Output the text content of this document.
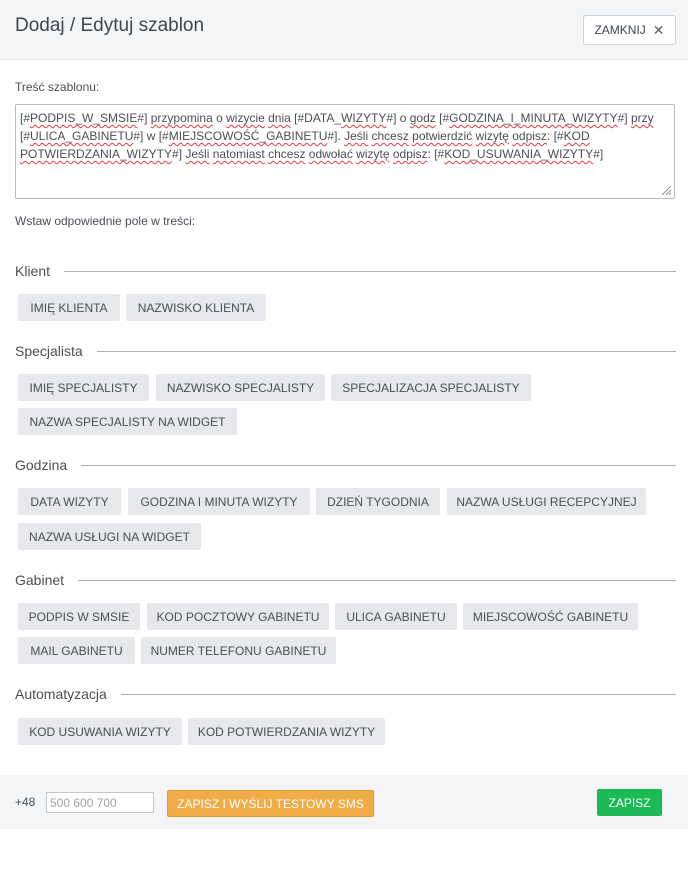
Dodaj / Edytuj szablon	ZAMKNIJ ✕
Treść szablonu:
[#PODPIS_W_SMSIE#] przypomina o wizycie dnia [#DATA_WIZYTY#] o godz [#GODZINA_I_MINUTA_WIZYTY#] przy
[#ULICA_GABINETU#] w [#MIEJSCOWOŚĆ_GABINETU#]. Jeśli chcesz potwierdzić wizytę odpisz: [#KOD
POTWIERDZANIA_WIZYTY#] Jeśli natomiast chcesz odwołać wizytę odpisz: [#KOD_USUWANIA_WIZYTY#]
Wstaw odpowiednie pole w treści:
Klient
IMIĘ KLIENTA	NAZWISKO KLIENTA
Specjalista
IMIĘ SPECJALISTY	NAZWISKO SPECJALISTY	SPECJALIZACJA SPECJALISTY
NAZWA SPECJALISTY NA WIDGET
Godzina
DATA WIZYTY	GODZINA I MINUTA WIZYTY	DZIEŃ TYGODNIA	NAZWA USŁUGI RECEPCYJNEJ
NAZWA USŁUGI NA WIDGET
Gabinet
PODPIS W SMSIE	KOD POCZTOWY GABINETU	ULICA GABINETU	MIEJSCOWOŚĆ GABINETU
MAIL GABINETU	NUMER TELEFONU GABINETU
Automatyzacja
KOD USUWANIA WIZYTY	KOD POTWIERDZANIA WIZYTY
+48
500 600 700	ZAPISZ I WYŚLIJ TESTOWY SMS	ZAPISZ
